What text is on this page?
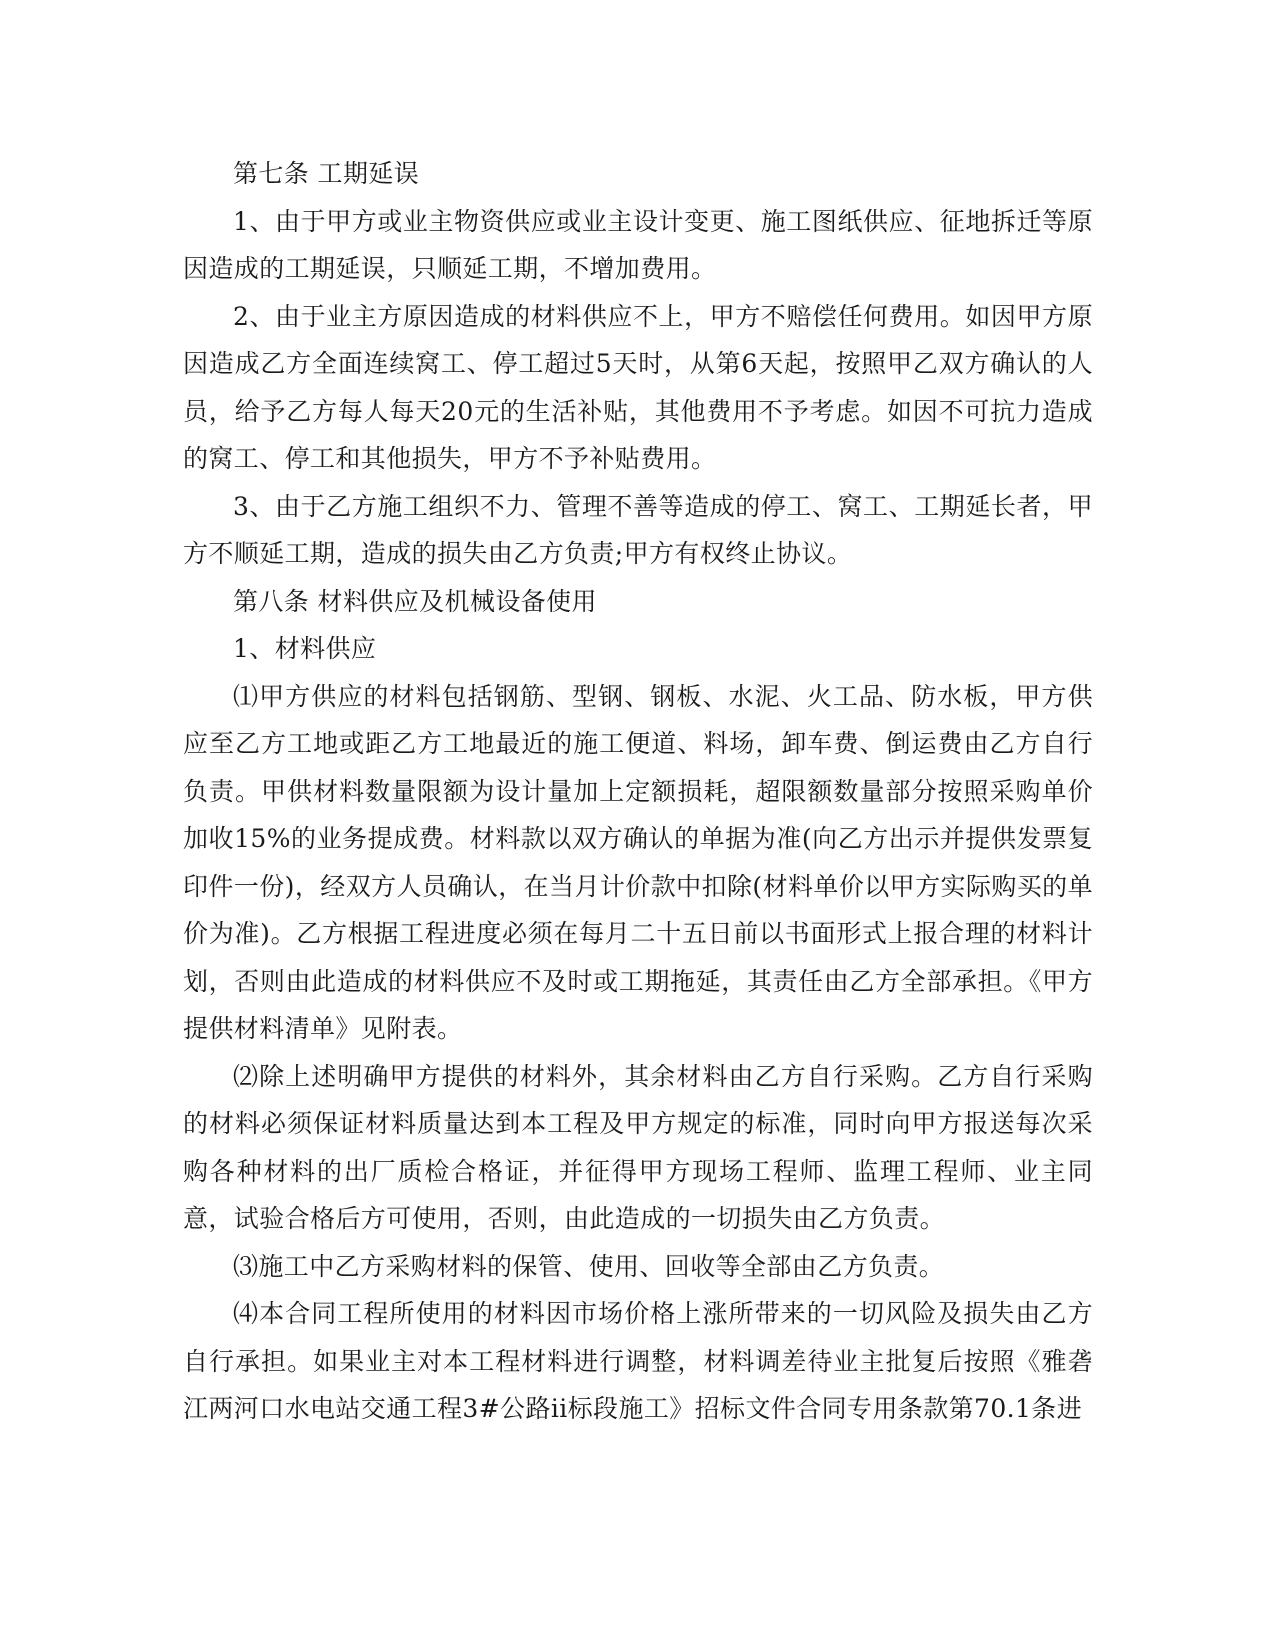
第七条 工期延误

1、由于甲方或业主物资供应或业主设计变更、施工图纸供应、征地拆迁等原因造成的工期延误，只顺延工期，不增加费用。

2、由于业主方原因造成的材料供应不上，甲方不赔偿任何费用。如因甲方原因造成乙方全面连续窝工、停工超过5天时，从第6天起，按照甲乙双方确认的人员，给予乙方每人每天20元的生活补贴，其他费用不予考虑。如因不可抗力造成的窝工、停工和其他损失，甲方不予补贴费用。

3、由于乙方施工组织不力、管理不善等造成的停工、窝工、工期延长者，甲方不顺延工期，造成的损失由乙方负责;甲方有权终止协议。

第八条 材料供应及机械设备使用

1、材料供应

⑴甲方供应的材料包括钢筋、型钢、钢板、水泥、火工品、防水板，甲方供应至乙方工地或距乙方工地最近的施工便道、料场，卸车费、倒运费由乙方自行负责。甲供材料数量限额为设计量加上定额损耗，超限额数量部分按照采购单价加收15%的业务提成费。材料款以双方确认的单据为准(向乙方出示并提供发票复印件一份)，经双方人员确认，在当月计价款中扣除(材料单价以甲方实际购买的单价为准)。乙方根据工程进度必须在每月二十五日前以书面形式上报合理的材料计划，否则由此造成的材料供应不及时或工期拖延，其责任由乙方全部承担。《甲方提供材料清单》见附表。

⑵除上述明确甲方提供的材料外，其余材料由乙方自行采购。乙方自行采购的材料必须保证材料质量达到本工程及甲方规定的标准，同时向甲方报送每次采购各种材料的出厂质检合格证，并征得甲方现场工程师、监理工程师、业主同意，试验合格后方可使用，否则，由此造成的一切损失由乙方负责。

⑶施工中乙方采购材料的保管、使用、回收等全部由乙方负责。

⑷本合同工程所使用的材料因市场价格上涨所带来的一切风险及损失由乙方自行承担。如果业主对本工程材料进行调整，材料调差待业主批复后按照《雅砻江两河口水电站交通工程3#公路ii标段施工》招标文件合同专用条款第70.1条进
